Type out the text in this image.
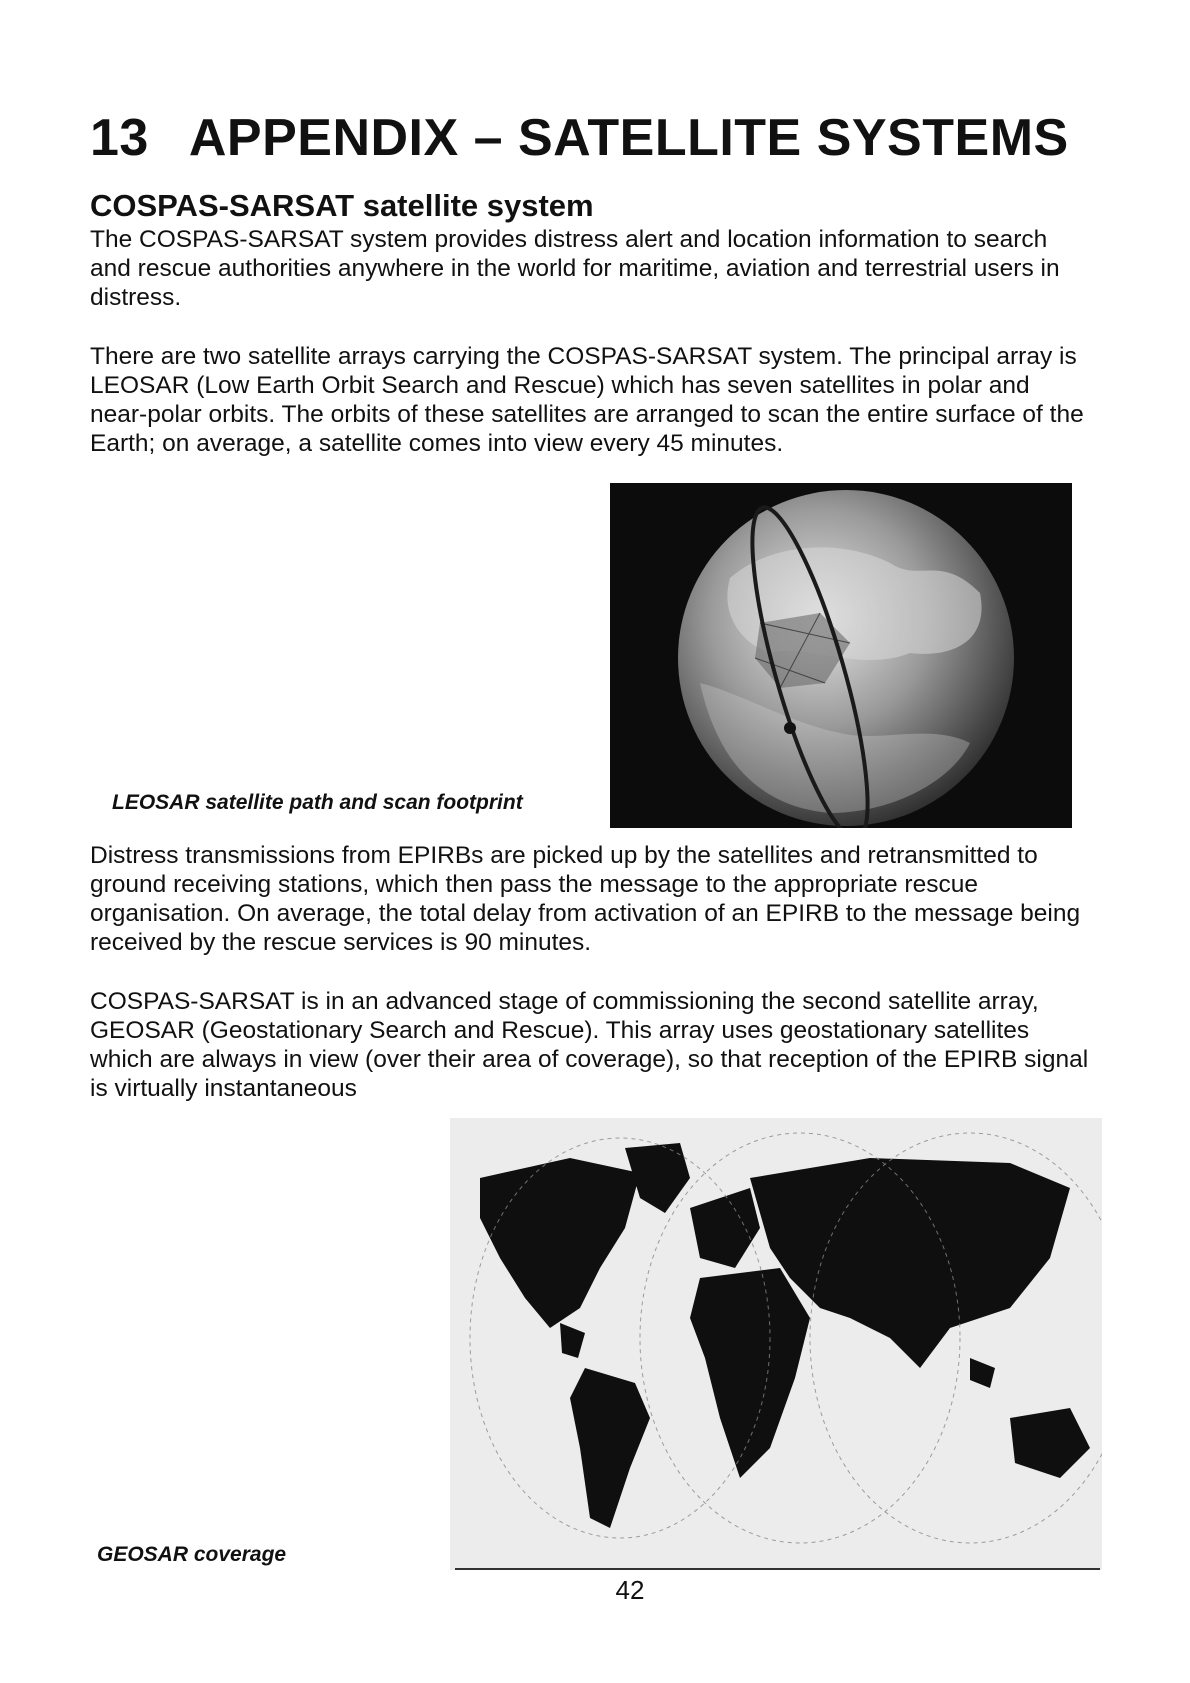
13 APPENDIX – SATELLITE SYSTEMS
COSPAS-SARSAT satellite system

The COSPAS-SARSAT system provides distress alert and location information to search and rescue authorities anywhere in the world for maritime, aviation and terrestrial users in distress.

There are two satellite arrays carrying the COSPAS-SARSAT system. The principal array is LEOSAR (Low Earth Orbit Search and Rescue) which has seven satellites in polar and near-polar orbits. The orbits of these satellites are arranged to scan the entire surface of the Earth; on average, a satellite comes into view every 45 minutes.

LEOSAR satellite path and scan footprint

Distress transmissions from EPIRBs are picked up by the satellites and retransmitted to ground receiving stations, which then pass the message to the appropriate rescue organisation. On average, the total delay from activation of an EPIRB to the message being received by the rescue services is 90 minutes.

COSPAS-SARSAT is in an advanced stage of commissioning the second satellite array, GEOSAR (Geostationary Search and Rescue). This array uses geostationary satellites which are always in view (over their area of coverage), so that reception of the EPIRB signal is virtually instantaneous

GEOSAR coverage
42
